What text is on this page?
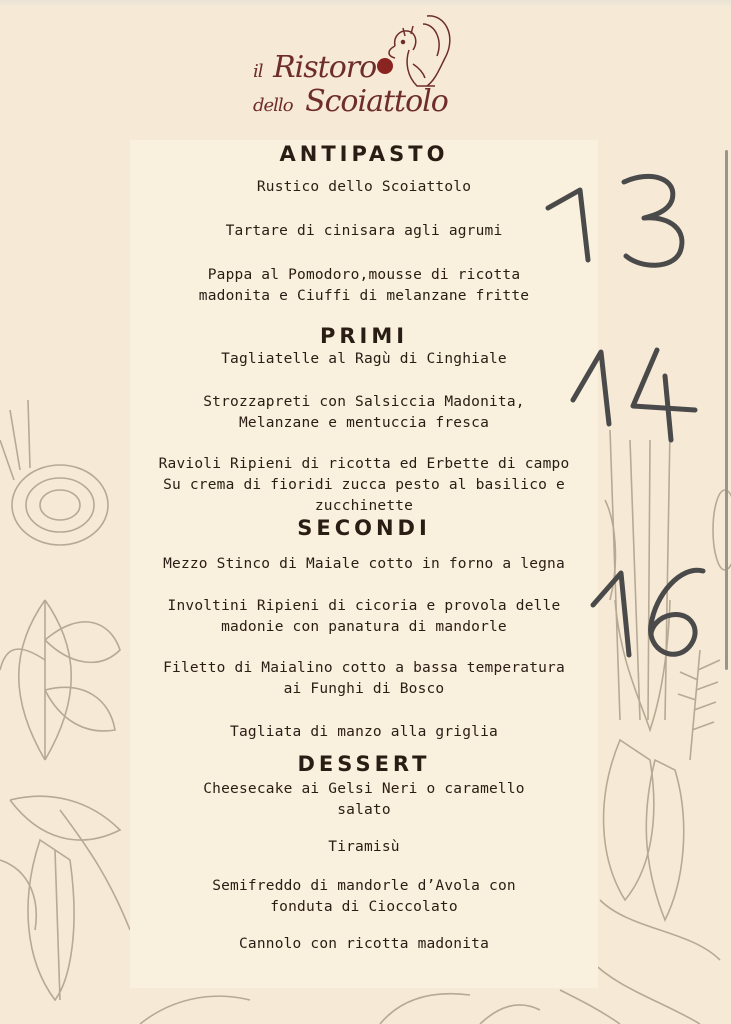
il Ristoro
dello Scoiattolo
ANTIPASTO
Rustico dello Scoiattolo
Tartare di cinisara agli agrumi
Pappa al Pomodoro,mousse di ricotta
madonita e Ciuffi di melanzane fritte
PRIMI
Tagliatelle al Ragù di Cinghiale
Strozzapreti con Salsiccia Madonita,
Melanzane e mentuccia fresca
Ravioli Ripieni di ricotta ed Erbette di campo
Su crema di fioridi zucca pesto al basilico e
zucchinette
SECONDI
Mezzo Stinco di Maiale cotto in forno a legna
Involtini Ripieni di cicoria e provola delle
madonie con panatura di mandorle
Filetto di Maialino cotto a bassa temperatura
ai Funghi di Bosco
Tagliata di manzo alla griglia
DESSERT
Cheesecake ai Gelsi Neri o caramello
salato
Tiramisù
Semifreddo di mandorle d’Avola con
fonduta di Cioccolato
Cannolo con ricotta madonita
13
14
16
